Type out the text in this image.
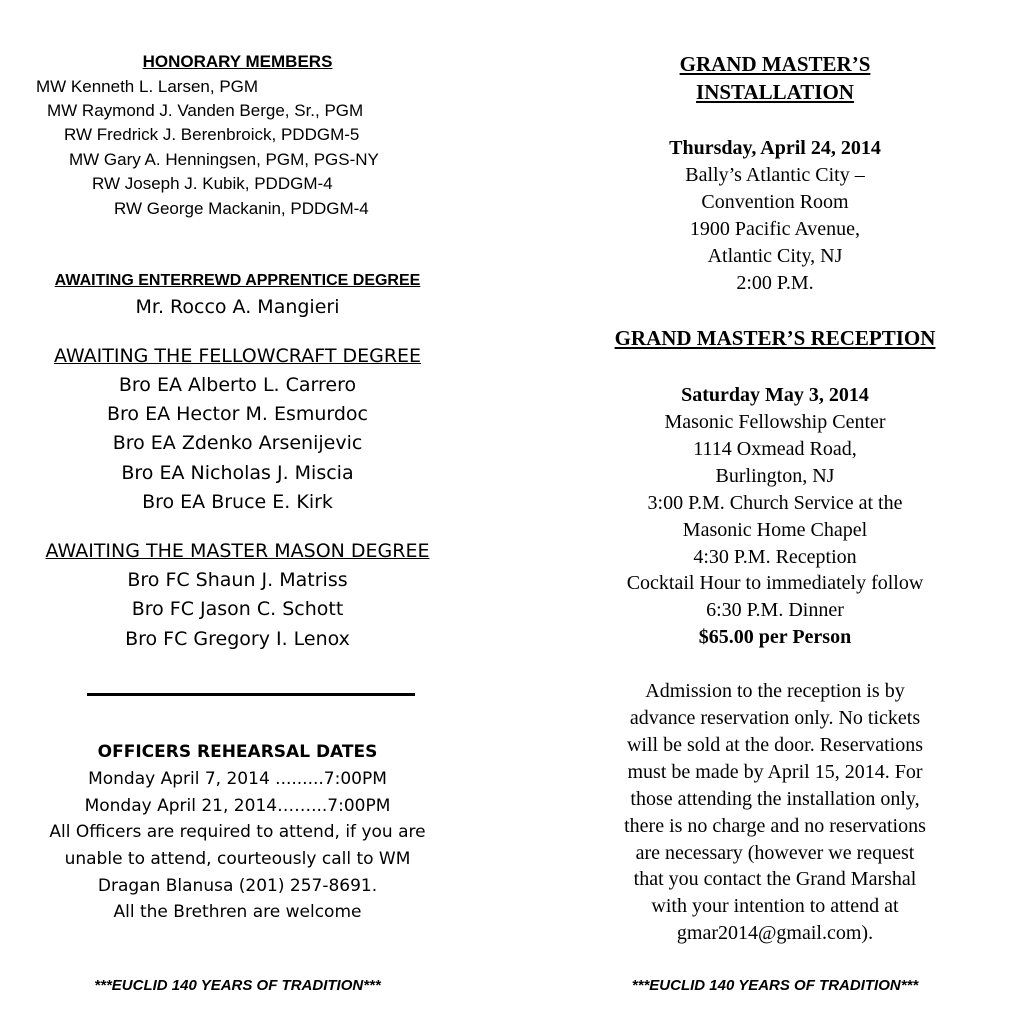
HONORARY MEMBERS
MW Kenneth L. Larsen, PGM
MW Raymond J. Vanden Berge, Sr., PGM
RW Fredrick J. Berenbroick, PDDGM-5
MW Gary A. Henningsen, PGM, PGS-NY
RW Joseph J. Kubik, PDDGM-4
RW George Mackanin, PDDGM-4
AWAITING ENTERREWD APPRENTICE DEGREE
Mr. Rocco A. Mangieri
AWAITING THE FELLOWCRAFT DEGREE
Bro EA Alberto L. Carrero
Bro EA Hector M. Esmurdoc
Bro EA Zdenko Arsenijevic
Bro EA Nicholas J. Miscia
Bro EA Bruce E. Kirk
AWAITING THE MASTER MASON DEGREE
Bro FC Shaun J. Matriss
Bro FC Jason C. Schott
Bro FC Gregory I. Lenox
OFFICERS REHEARSAL DATES
Monday April 7, 2014 .........7:00PM
Monday April 21, 2014……...7:00PM
All Officers are required to attend, if you are
unable to attend, courteously call to WM
Dragan Blanusa (201) 257-8691.
All the Brethren are welcome
***EUCLID 140 YEARS OF TRADITION***
GRAND MASTER’S
INSTALLATION
Thursday, April 24, 2014
Bally’s Atlantic City –
Convention Room
1900 Pacific Avenue,
Atlantic City, NJ
2:00 P.M.
GRAND MASTER’S RECEPTION
Saturday May 3, 2014
Masonic Fellowship Center
1114 Oxmead Road,
Burlington, NJ
3:00 P.M. Church Service at the
Masonic Home Chapel
4:30 P.M. Reception
Cocktail Hour to immediately follow
6:30 P.M. Dinner
$65.00 per Person
Admission to the reception is by
advance reservation only. No tickets
will be sold at the door. Reservations
must be made by April 15, 2014. For
those attending the installation only,
there is no charge and no reservations
are necessary (however we request
that you contact the Grand Marshal
with your intention to attend at
gmar2014@gmail.com).
***EUCLID 140 YEARS OF TRADITION***
